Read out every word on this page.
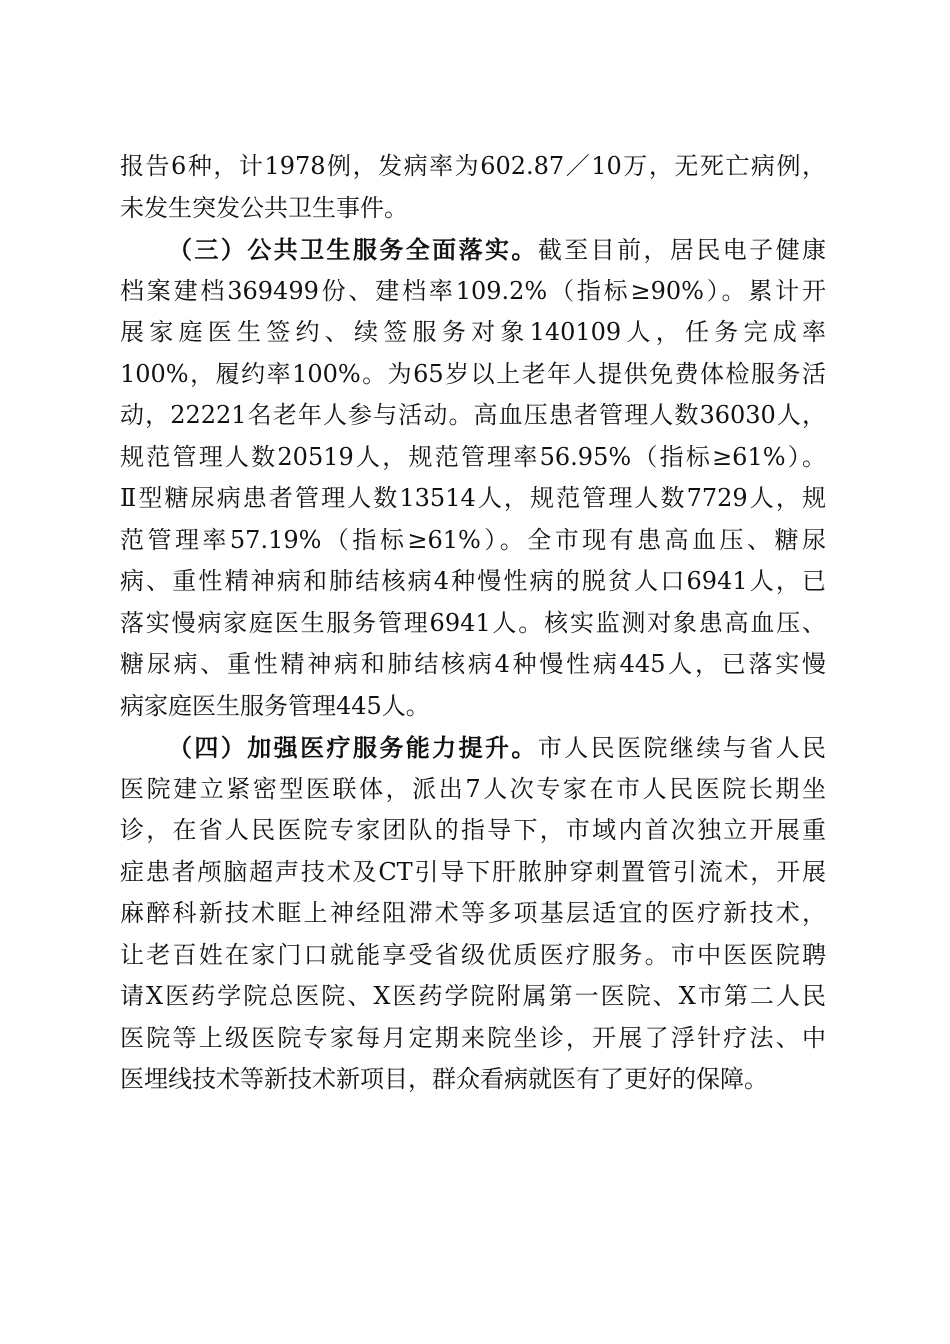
报告6种，计1978例，发病率为602.87／10万，无死亡病例，
未发生突发公共卫生事件。
（三）公共卫生服务全面落实。截至目前，居民电子健康
档案建档369499份、建档率109.2%（指标≥90%）。累计开
展家庭医生签约、续签服务对象140109人，任务完成率
100%，履约率100%。为65岁以上老年人提供免费体检服务活
动，22221名老年人参与活动。高血压患者管理人数36030人，
规范管理人数20519人，规范管理率56.95%（指标≥61%）。
Ⅱ型糖尿病患者管理人数13514人，规范管理人数7729人，规
范管理率57.19%（指标≥61%）。全市现有患高血压、糖尿
病、重性精神病和肺结核病4种慢性病的脱贫人口6941人，已
落实慢病家庭医生服务管理6941人。核实监测对象患高血压、
糖尿病、重性精神病和肺结核病4种慢性病445人，已落实慢
病家庭医生服务管理445人。
（四）加强医疗服务能力提升。市人民医院继续与省人民
医院建立紧密型医联体，派出7人次专家在市人民医院长期坐
诊，在省人民医院专家团队的指导下，市域内首次独立开展重
症患者颅脑超声技术及CT引导下肝脓肿穿刺置管引流术，开展
麻醉科新技术眶上神经阻滞术等多项基层适宜的医疗新技术，
让老百姓在家门口就能享受省级优质医疗服务。市中医医院聘
请X医药学院总医院、X医药学院附属第一医院、X市第二人民
医院等上级医院专家每月定期来院坐诊，开展了浮针疗法、中
医埋线技术等新技术新项目，群众看病就医有了更好的保障。
